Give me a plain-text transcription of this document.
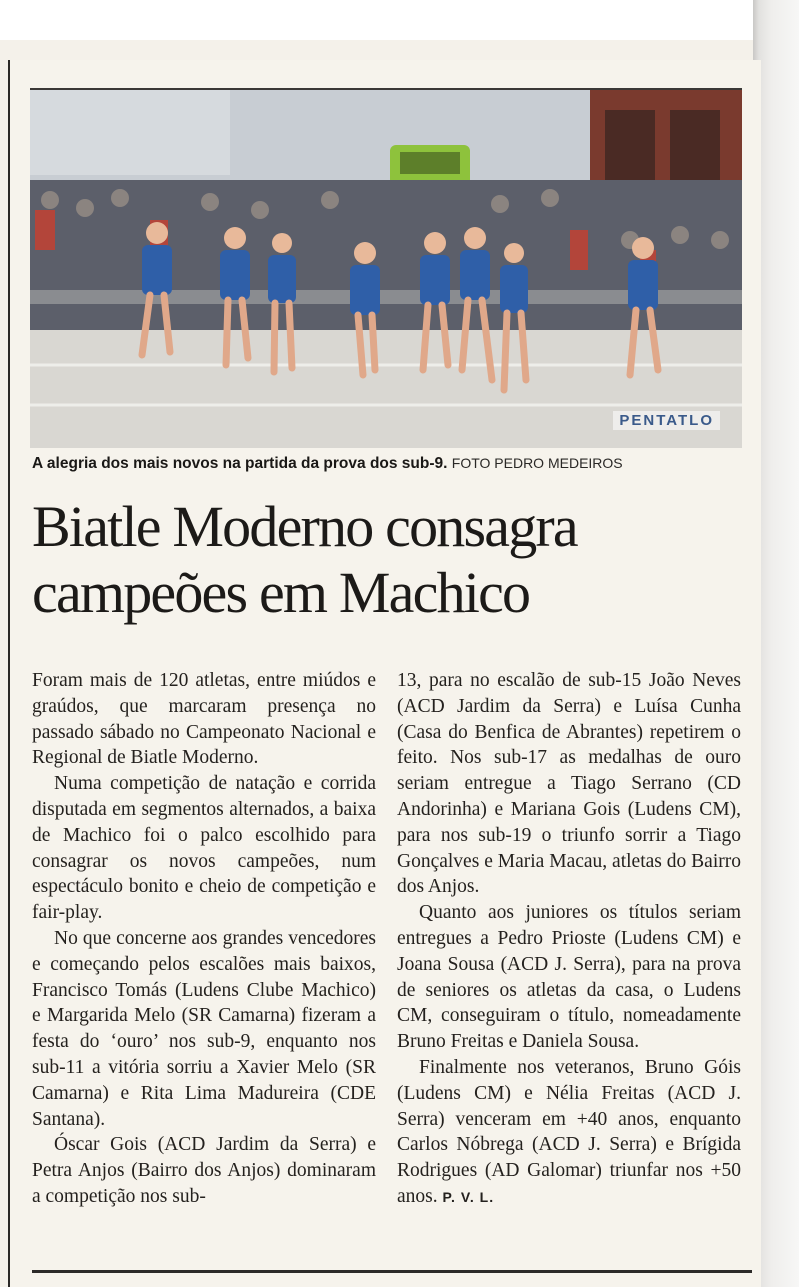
PENTATLO
A alegria dos mais novos na partida da prova dos sub-9. FOTO PEDRO MEDEIROS
Biatle Moderno consagra campeões em Machico

Foram mais de 120 atletas, entre miúdos e graúdos, que marcaram presença no passado sábado no Campeonato Nacional e Regional de Biatle Moderno.

Numa competição de natação e corrida disputada em segmentos alternados, a baixa de Machico foi o palco escolhido para consagrar os novos campeões, num espectáculo bonito e cheio de competição e fair-play.

No que concerne aos grandes vencedores e começando pelos escalões mais baixos, Francisco Tomás (Ludens Clube Machico) e Margarida Melo (SR Camarna) fizeram a festa do ‘ouro’ nos sub-9, enquanto nos sub-11 a vitória sorriu a Xavier Melo (SR Camarna) e Rita Lima Madureira (CDE Santana).

Óscar Gois (ACD Jardim da Serra) e Petra Anjos (Bairro dos Anjos) dominaram a competição nos sub-

13, para no escalão de sub-15 João Neves (ACD Jardim da Serra) e Luísa Cunha (Casa do Benfica de Abrantes) repetirem o feito. Nos sub-17 as medalhas de ouro seriam entregue a Tiago Serrano (CD Andorinha) e Mariana Gois (Ludens CM), para nos sub-19 o triunfo sorrir a Tiago Gonçalves e Maria Macau, atletas do Bairro dos Anjos.

Quanto aos juniores os títulos seriam entregues a Pedro Prioste (Ludens CM) e Joana Sousa (ACD J. Serra), para na prova de seniores os atletas da casa, o Ludens CM, conseguiram o título, nomeadamente Bruno Freitas e Daniela Sousa.

Finalmente nos veteranos, Bruno Góis (Ludens CM) e Nélia Freitas (ACD J. Serra) venceram em +40 anos, enquanto Carlos Nóbrega (ACD J. Serra) e Brígida Rodrigues (AD Galomar) triunfar nos +50 anos. P. V. L.
